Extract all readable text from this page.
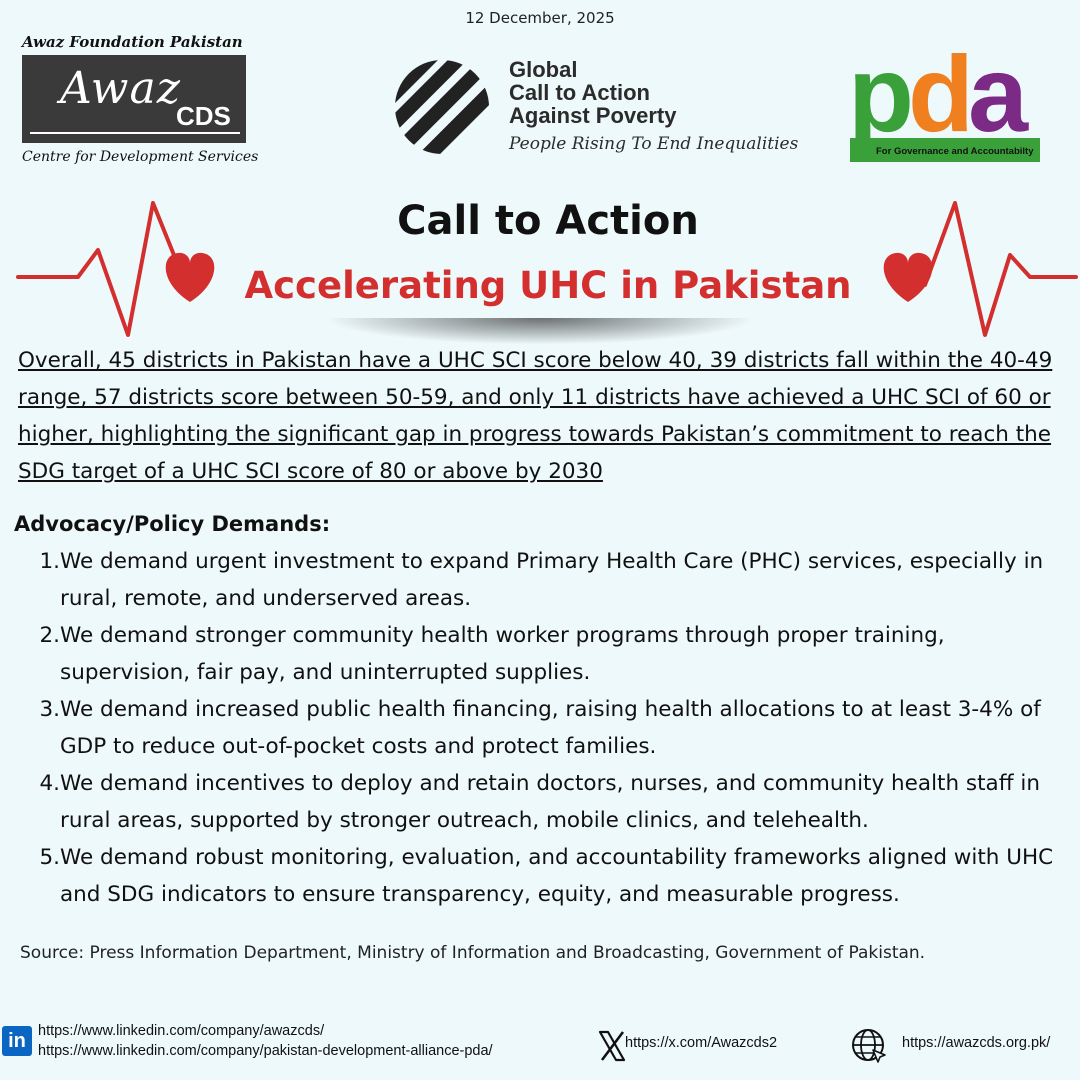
12 December, 2025
Awaz Foundation Pakistan
Awaz
CDS
Centre for Development Services
Global
Call to Action
Against Poverty
People Rising To End Inequalities pda
For Governance and Accountabilty
Call to Action
Accelerating UHC in Pakistan

Overall, 45 districts in Pakistan have a UHC SCI score below 40, 39 districts fall within the 40-49 range, 57 districts score between 50-59, and only 11 districts have achieved a UHC SCI of 60 or higher, highlighting the significant gap in progress towards Pakistan’s commitment to reach the SDG target of a UHC SCI score of 80 or above by 2030

Advocacy/Policy Demands:
1. We demand urgent investment to expand Primary Health Care (PHC) services, especially in rural, remote, and underserved areas.
2. We demand stronger community health worker programs through proper training, supervision, fair pay, and uninterrupted supplies.
3. We demand increased public health financing, raising health allocations to at least 3-4% of GDP to reduce out-of-pocket costs and protect families.
4. We demand incentives to deploy and retain doctors, nurses, and community health staff in rural areas, supported by stronger outreach, mobile clinics, and telehealth.
5. We demand robust monitoring, evaluation, and accountability frameworks aligned with UHC and SDG indicators to ensure transparency, equity, and measurable progress.
Source: Press Information Department, Ministry of Information and Broadcasting, Government of Pakistan.
in https://www.linkedin.com/company/awazcds/
https://www.linkedin.com/company/pakistan-development-alliance-pda/	https://x.com/Awazcds2	https://awazcds.org.pk/
